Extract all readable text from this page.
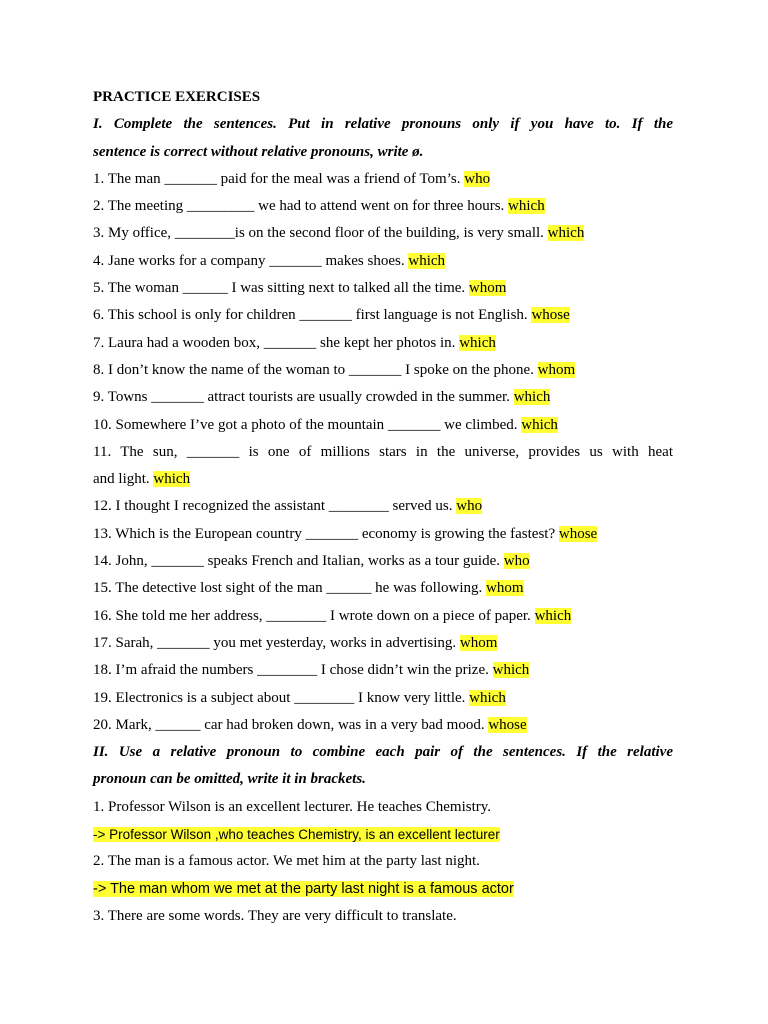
PRACTICE EXERCISES
I. Complete the sentences. Put in relative pronouns only if you have to. If the
sentence is correct without relative pronouns, write ø.
1. The man _______ paid for the meal was a friend of Tom’s. who
2. The meeting _________ we had to attend went on for three hours. which
3. My office, ________is on the second floor of the building, is very small. which
4. Jane works for a company _______ makes shoes. which
5. The woman ______ I was sitting next to talked all the time. whom
6. This school is only for children _______ first language is not English. whose
7. Laura had a wooden box, _______ she kept her photos in. which
8. I don’t know the name of the woman to _______ I spoke on the phone. whom
9. Towns _______ attract tourists are usually crowded in the summer. which
10. Somewhere I’ve got a photo of the mountain _______ we climbed. which
11. The sun, _______ is one of millions stars in the universe, provides us with heat
and light. which
12. I thought I recognized the assistant ________ served us. who
13. Which is the European country _______ economy is growing the fastest? whose
14. John, _______ speaks French and Italian, works as a tour guide. who
15. The detective lost sight of the man ______ he was following. whom
16. She told me her address, ________ I wrote down on a piece of paper. which
17. Sarah, _______ you met yesterday, works in advertising. whom
18. I’m afraid the numbers ________ I chose didn’t win the prize. which
19. Electronics is a subject about ________ I know very little. which
20. Mark, ______ car had broken down, was in a very bad mood. whose
II. Use a relative pronoun to combine each pair of the sentences. If the relative
pronoun can be omitted, write it in brackets.
1. Professor Wilson is an excellent lecturer. He teaches Chemistry.
-> Professor Wilson ,who teaches Chemistry, is an excellent lecturer
2. The man is a famous actor. We met him at the party last night.
-> The man whom we met at the party last night is a famous actor
3. There are some words. They are very difficult to translate.
